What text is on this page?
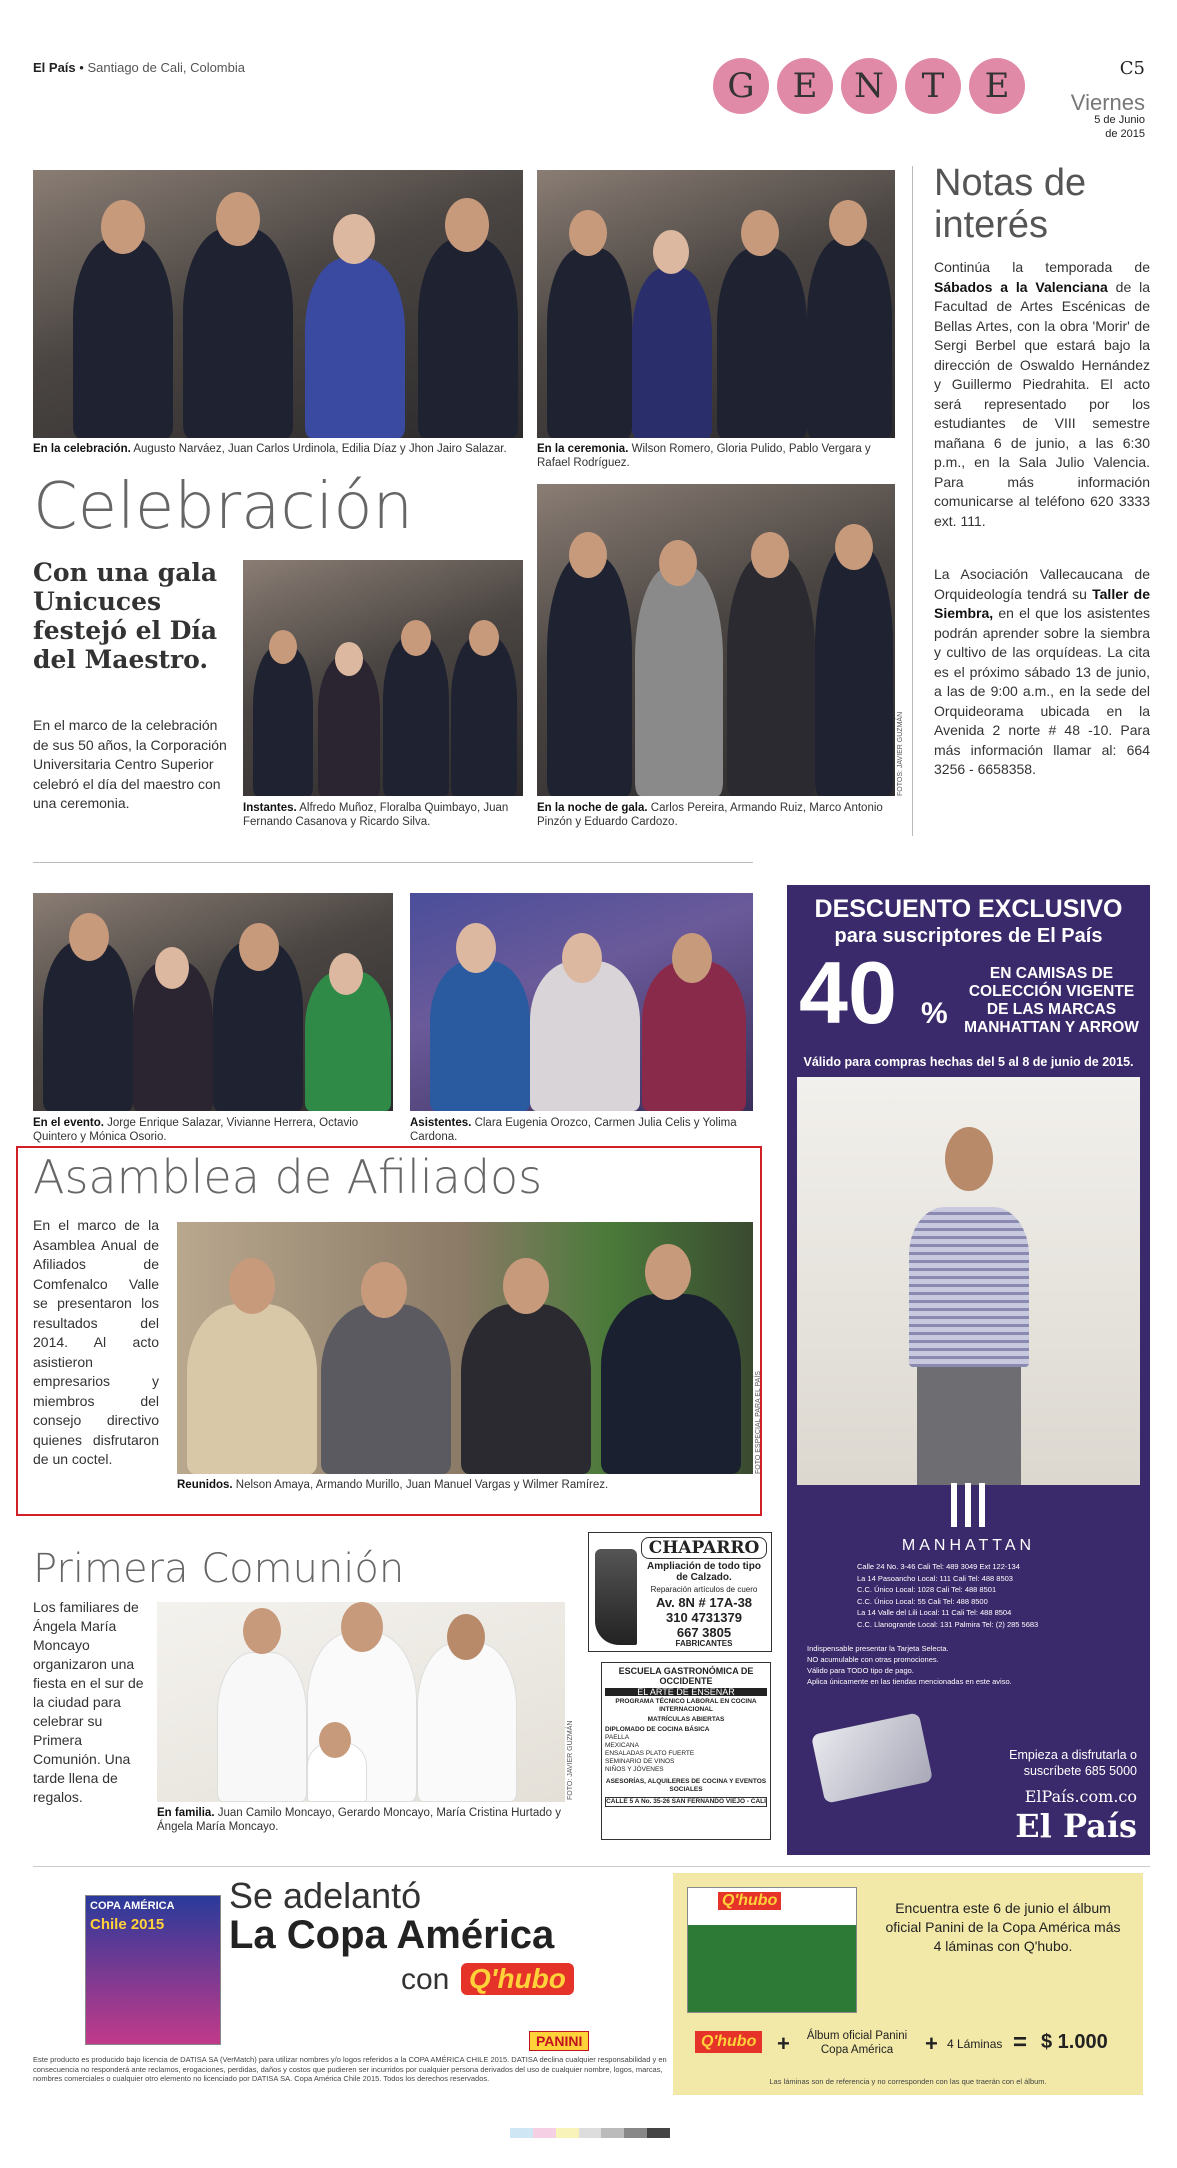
El País • Santiago de Cali, Colombia	G	E	N	T	E	C5
Viernes
5 de Junio
de 2015
En la celebración. Augusto Narváez, Juan Carlos Urdinola, Edilia Díaz y Jhon Jairo Salazar.	En la ceremonia. Wilson Romero, Gloria Pulido, Pablo Vergara y Rafael Rodríguez.
Celebración
Con una gala Unicuces festejó el Día del Maestro.
En el marco de la celebración de sus 50 años, la Corporación Universitaria Centro Superior celebró el día del maestro con una ceremonia.	Instantes. Alfredo Muñoz, Floralba Quimbayo, Juan Fernando Casanova y Ricardo Silva.
FOTOS: JAVIER GUZMÁN
En la noche de gala. Carlos Pereira, Armando Ruiz, Marco Antonio Pinzón y Eduardo Cardozo.
Notas de interés
Continúa la temporada de Sábados a la Valenciana de la Facultad de Artes Escénicas de Bellas Artes, con la obra 'Morir' de Sergi Berbel que estará bajo la dirección de Oswaldo Hernández y Guillermo Piedrahita. El acto será representado por los estudiantes de VIII semestre mañana 6 de junio, a las 6:30 p.m., en la Sala Julio Valencia. Para más información comunicarse al teléfono 620 3333 ext. 111.
La Asociación Vallecaucana de Orquideología tendrá su Taller de Siembra, en el que los asistentes podrán aprender sobre la siembra y cultivo de las orquídeas. La cita es el próximo sábado 13 de junio, a las de 9:00 a.m., en la sede del Orquideorama ubicada en la Avenida 2 norte # 48 -10. Para más información llamar al: 664 3256 - 6658358.
En el evento. Jorge Enrique Salazar, Vivianne Herrera, Octavio Quintero y Mónica Osorio.
Asistentes. Clara Eugenia Orozco, Carmen Julia Celis y Yolima Cardona.
Asamblea de Afiliados
En el marco de la Asamblea Anual de Afiliados de Comfenalco Valle se presentaron los resultados del 2014. Al acto asistieron empresarios y miembros del consejo directivo quienes disfrutaron de un coctel.	FOTO ESPECIAL PARA EL PAÍS
Reunidos. Nelson Amaya, Armando Murillo, Juan Manuel Vargas y Wilmer Ramírez.
Primera Comunión
Los familiares de Ángela María Moncayo organizaron una fiesta en el sur de la ciudad para celebrar su Primera Comunión. Una tarde llena de regalos.	FOTO: JAVIER GUZMÁN
En familia. Juan Camilo Moncayo, Gerardo Moncayo, María Cristina Hurtado y Ángela María Moncayo.
CHAPARRO
Ampliación de todo tipo de Calzado.
Reparación artículos de cuero
Av. 8N # 17A-38
310 4731379
667 3805
FABRICANTES
ESCUELA GASTRONÓMICA DE OCCIDENTE
EL ARTE DE ENSEÑAR
PROGRAMA TÉCNICO LABORAL EN COCINA INTERNACIONAL
MATRÍCULAS ABIERTAS
DIPLOMADO DE COCINA BÁSICA
PAELLA
MEXICANA
ENSALADAS PLATO FUERTE
SEMINARIO DE VINOS
NIÑOS Y JÓVENES
ASESORÍAS, ALQUILERES DE COCINA Y EVENTOS SOCIALES
CALLE 5 A No. 35-26 SAN FERNANDO VIEJO - CALI
DESCUENTO EXCLUSIVO
para suscriptores de El País
40 %
EN CAMISAS DE COLECCIÓN VIGENTE DE LAS MARCAS MANHATTAN Y ARROW
Válido para compras hechas del 5 al 8 de junio de 2015.
MANHATTAN
Calle 24 No. 3-46 Cali Tel: 489 3049 Ext 122-134
La 14 Pasoancho Local: 111 Cali Tel: 488 8503
C.C. Único Local: 1028 Cali Tel: 488 8501
C.C. Único Local: 55 Cali Tel: 488 8500
La 14 Valle del Lili Local: 11 Cali Tel: 488 8504
C.C. Llanogrande Local: 131 Palmira Tel: (2) 285 5683
Indispensable presentar la Tarjeta Selecta.
NO acumulable con otras promociones.
Válido para TODO tipo de pago.
Aplica únicamente en las tiendas mencionadas en este aviso.
Empieza a disfrutarla o suscríbete 685 5000
ElPaís.com.co
El País
COPA AMÉRICA
Chile 2015
Se adelantó
La Copa América
con Q'hubo
PANINI
Este producto es producido bajo licencia de DATISA SA (VerMatch) para utilizar nombres y/o logos referidos a la COPA AMÉRICA CHILE 2015. DATISA declina cualquier responsabilidad y en consecuencia no responderá ante reclamos, erogaciones, perdidas, daños y costos que pudieren ser incurridos por cualquier persona derivados del uso de cualquier nombre, logos, marcas, nombres comerciales o cualquier otro elemento no licenciado por DATISA SA. Copa América Chile 2015. Todos los derechos reservados.
Q'hubo	Encuentra este 6 de junio el álbum oficial Panini de la Copa América más 4 láminas con Q'hubo.
Q'hubo +	Álbum oficial Panini Copa América	+ 4 Láminas = $ 1.000
Las láminas son de referencia y no corresponden con las que traerán con el álbum.
